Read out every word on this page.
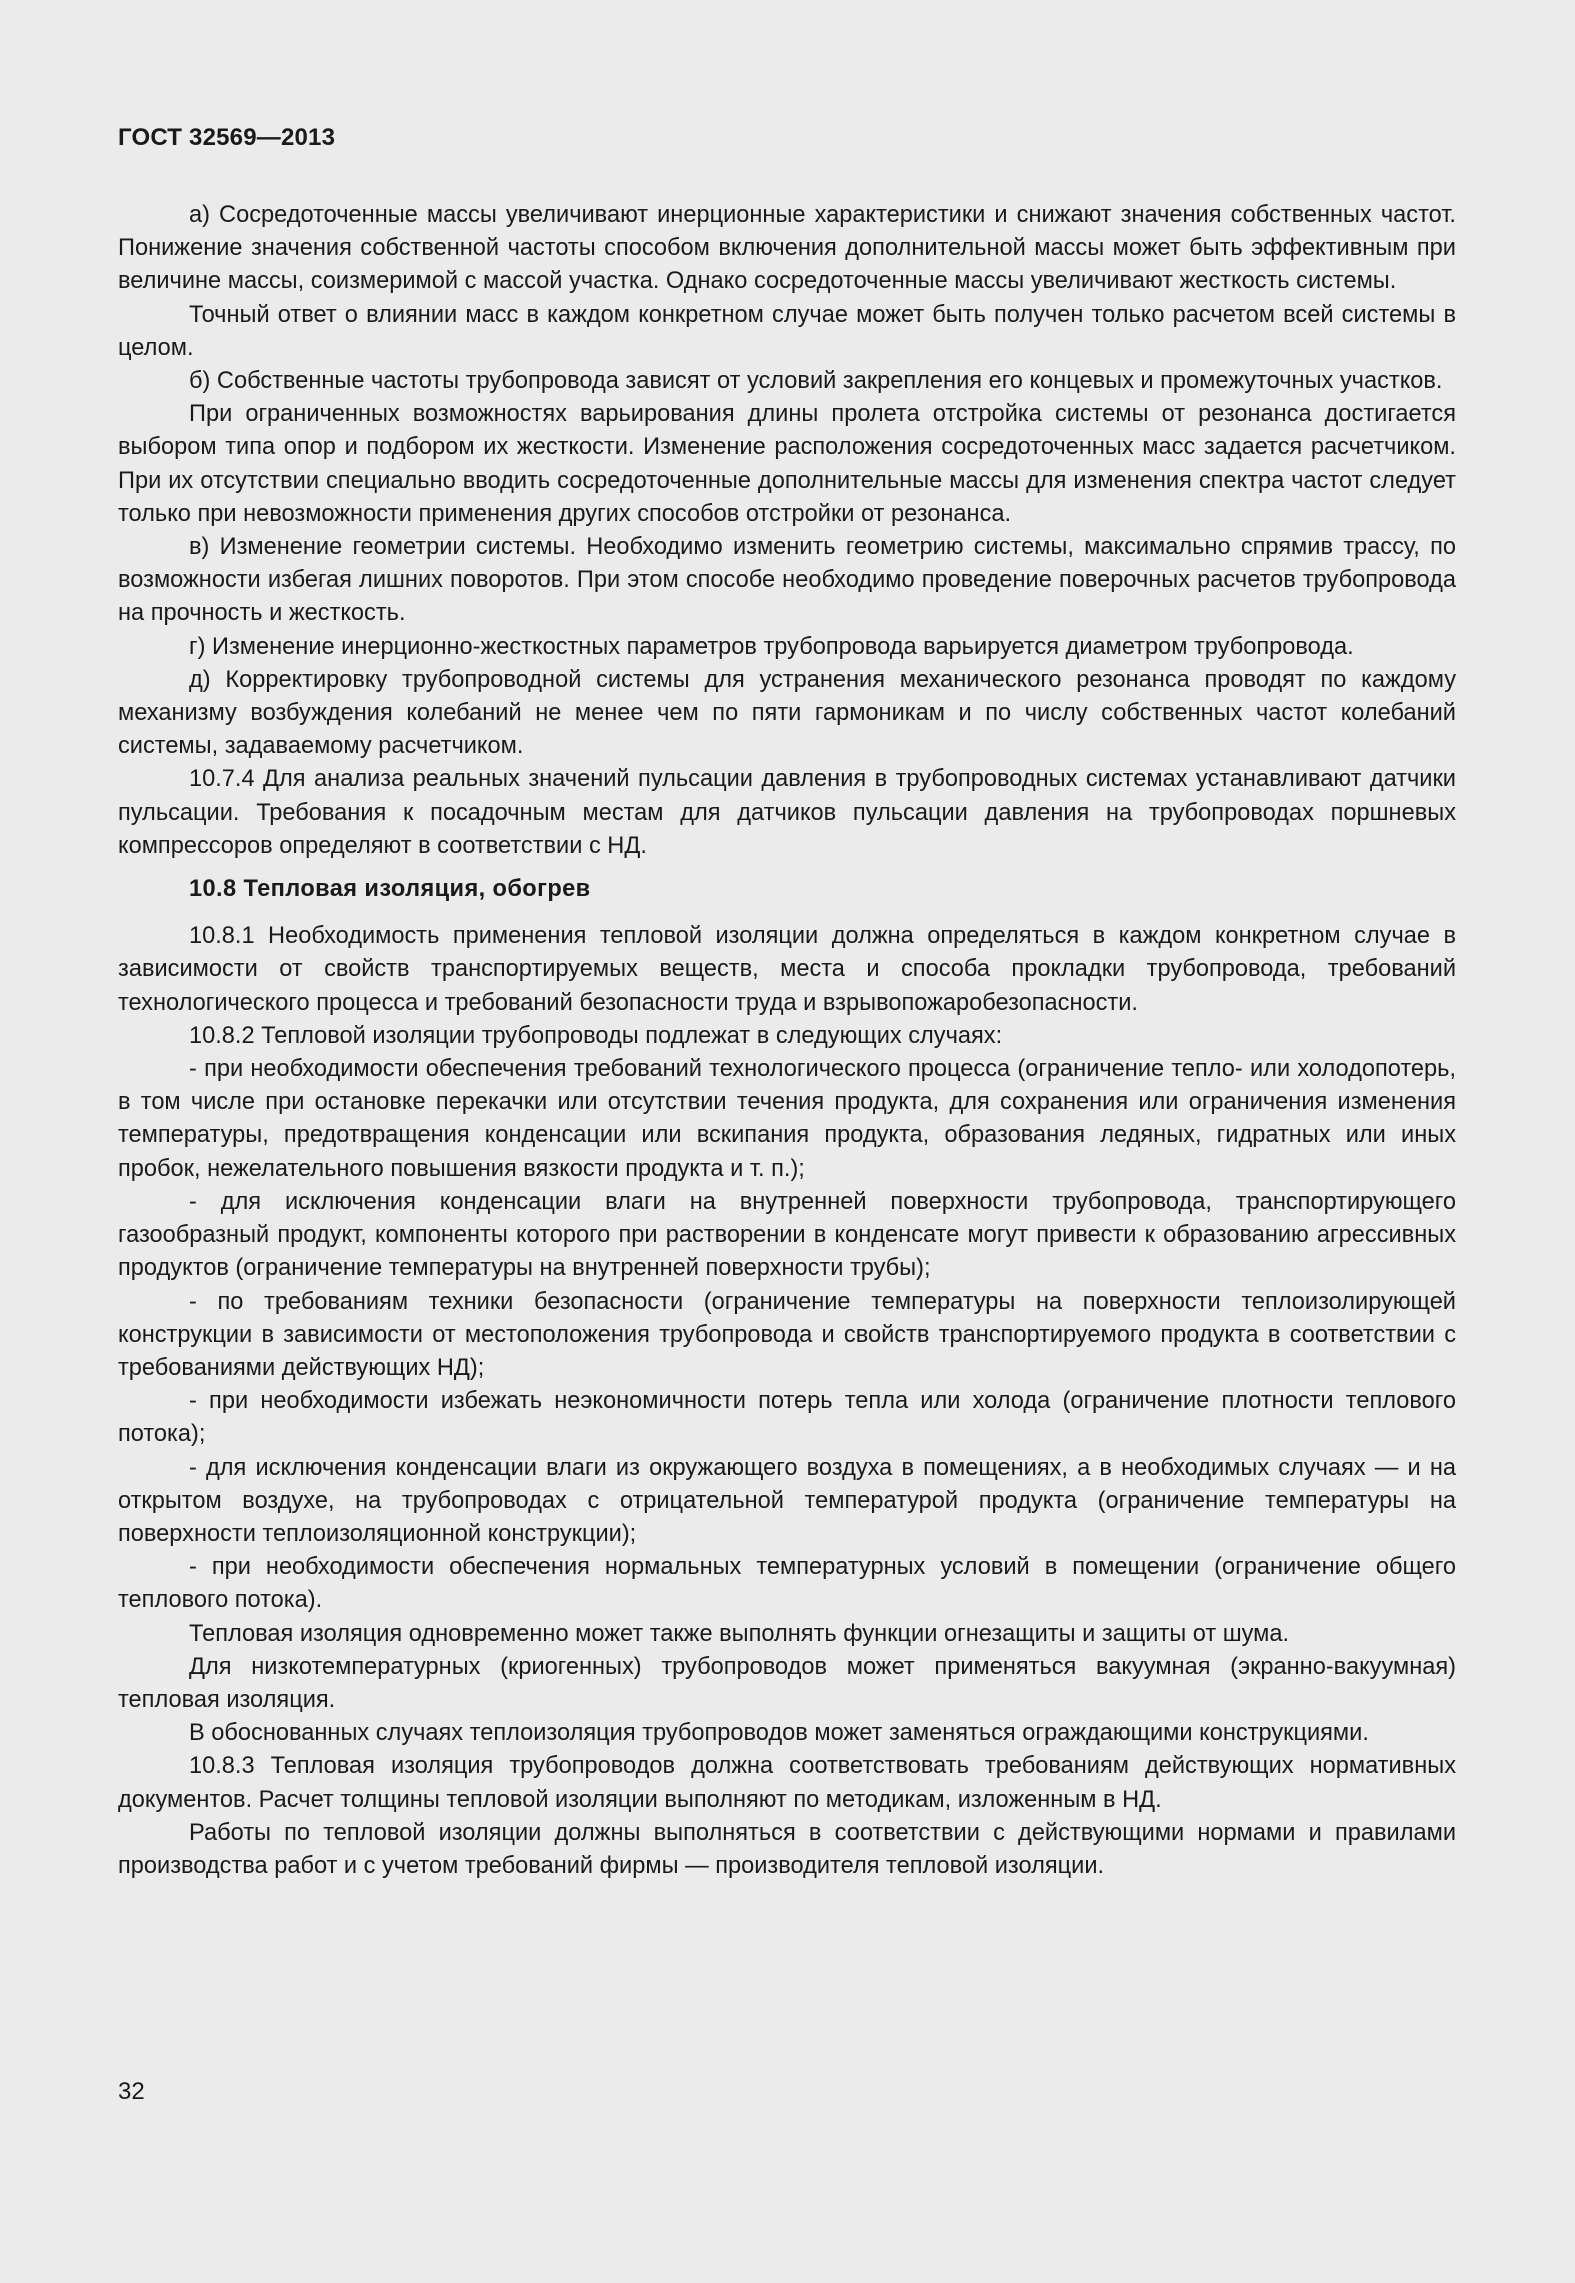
ГОСТ 32569—2013

а) Сосредоточенные массы увеличивают инерционные характеристики и снижают значения собственных частот. Понижение значения собственной частоты способом включения дополнительной массы может быть эффективным при величине массы, соизмеримой с массой участка. Однако сосредоточенные массы увеличивают жесткость системы.

Точный ответ о влиянии масс в каждом конкретном случае может быть получен только расчетом всей системы в целом.

б) Собственные частоты трубопровода зависят от условий закрепления его концевых и промежуточных участков.

При ограниченных возможностях варьирования длины пролета отстройка системы от резонанса достигается выбором типа опор и подбором их жесткости. Изменение расположения сосредоточенных масс задается расчетчиком. При их отсутствии специально вводить сосредоточенные дополнительные массы для изменения спектра частот следует только при невозможности применения других способов отстройки от резонанса.

в) Изменение геометрии системы. Необходимо изменить геометрию системы, максимально спрямив трассу, по возможности избегая лишних поворотов. При этом способе необходимо проведение поверочных расчетов трубопровода на прочность и жесткость.

г) Изменение инерционно-жесткостных параметров трубопровода варьируется диаметром трубопровода.

д) Корректировку трубопроводной системы для устранения механического резонанса проводят по каждому механизму возбуждения колебаний не менее чем по пяти гармоникам и по числу собственных частот колебаний системы, задаваемому расчетчиком.

10.7.4 Для анализа реальных значений пульсации давления в трубопроводных системах устанавливают датчики пульсации. Требования к посадочным местам для датчиков пульсации давления на трубопроводах поршневых компрессоров определяют в соответствии с НД.

10.8 Тепловая изоляция, обогрев

10.8.1 Необходимость применения тепловой изоляции должна определяться в каждом конкретном случае в зависимости от свойств транспортируемых веществ, места и способа прокладки трубопровода, требований технологического процесса и требований безопасности труда и взрывопожаробезопасности.

10.8.2 Тепловой изоляции трубопроводы подлежат в следующих случаях:

- при необходимости обеспечения требований технологического процесса (ограничение тепло- или холодопотерь, в том числе при остановке перекачки или отсутствии течения продукта, для сохранения или ограничения изменения температуры, предотвращения конденсации или вскипания продукта, образования ледяных, гидратных или иных пробок, нежелательного повышения вязкости продукта и т. п.);

- для исключения конденсации влаги на внутренней поверхности трубопровода, транспортирующего газообразный продукт, компоненты которого при растворении в конденсате могут привести к образованию агрессивных продуктов (ограничение температуры на внутренней поверхности трубы);

- по требованиям техники безопасности (ограничение температуры на поверхности теплоизолирующей конструкции в зависимости от местоположения трубопровода и свойств транспортируемого продукта в соответствии с требованиями действующих НД);

- при необходимости избежать неэкономичности потерь тепла или холода (ограничение плотности теплового потока);

- для исключения конденсации влаги из окружающего воздуха в помещениях, а в необходимых случаях — и на открытом воздухе, на трубопроводах с отрицательной температурой продукта (ограничение температуры на поверхности теплоизоляционной конструкции);

- при необходимости обеспечения нормальных температурных условий в помещении (ограничение общего теплового потока).

Тепловая изоляция одновременно может также выполнять функции огнезащиты и защиты от шума.

Для низкотемпературных (криогенных) трубопроводов может применяться вакуумная (экранно-вакуумная) тепловая изоляция.

В обоснованных случаях теплоизоляция трубопроводов может заменяться ограждающими конструкциями.

10.8.3 Тепловая изоляция трубопроводов должна соответствовать требованиям действующих нормативных документов. Расчет толщины тепловой изоляции выполняют по методикам, изложенным в НД.

Работы по тепловой изоляции должны выполняться в соответствии с действующими нормами и правилами производства работ и с учетом требований фирмы — производителя тепловой изоляции.

32
